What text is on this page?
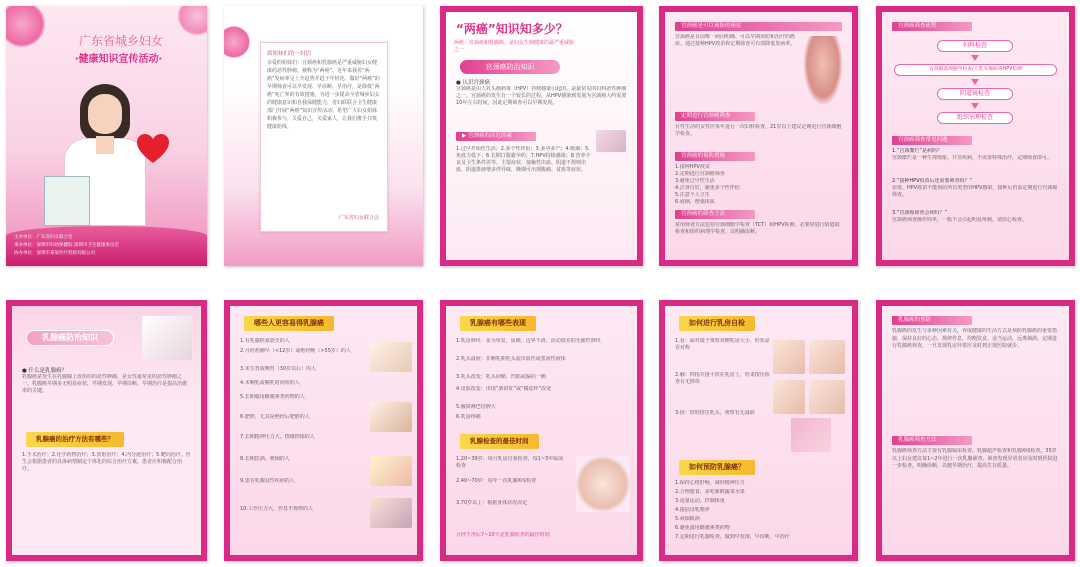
广东省城乡妇女
·健康知识宣传活动·
主办单位：广东省妇女联合会
承办单位：深圳市妇幼保健院 深圳市卫生健康委员会
协办单位：深圳市某某医疗机构有限公司
致姐妹们的一封信
亲爱的姐妹们：宫颈癌和乳腺癌是严重威胁妇女健康的恶性肿瘤，被称为“两癌”。近年来我省“两癌”发病率呈上升趋势并趋于年轻化。做好“两癌”的早期筛查可以早发现、早诊断、早治疗，是降低“两癌”死亡率的有效措施。为进一步提高全省城乡妇女的健康意识和自我保健能力，省妇联联合卫生健康部门开展“两癌”知识宣传活动。希望广大妇女姐妹积极参与，关爱自己，关爱家人，让我们携手共筑健康防线。
广东省妇女联合会
“两癌”知识知多少？
两癌：宫颈癌和乳腺癌，是妇女生殖健康的最严重威胁之一
宫颈癌防治知识
● 认识宫颈癌
宫颈癌是由人乳头瘤病毒（HPV）持续感染引起的，是最常见的妇科恶性肿瘤之一。宫颈癌的发生有一个较长的过程，从HPV感染到发展为宫颈癌大约需要10年左右时间，因此定期筛查可以早期发现。
▶ 宫颈癌的高危因素
1.过早开始性生活；2.多个性伴侣；3.多孕多产；4.吸烟；5.免疫力低下；6.长期口服避孕药；7.HPV持续感染；8.营养不良及卫生条件差等。主要症状：接触性出血、阴道不规则出血、阴道排液增多伴异味，晚期可出现腹痛、贫血等症状。
宫颈癌是可以预防的癌症
宫颈癌是目前唯一病因明确、可以早期预防和治疗的癌症。通过接种HPV疫苗和定期筛查可有效降低发病率。
定期进行宫颈癌筛查
有性生活的女性应每年进行一次妇科检查，21岁以上建议定期进行宫颈细胞学检查。
宫颈癌的预防措施
1.接种HPV疫苗
2.定期进行宫颈癌筛查
3.避免过早性生活
4.洁身自好，避免多个性伴侣
5.注意个人卫生
6.戒烟，增强体质
宫颈癌的筛查方法
常用筛查方法包括宫颈细胞学检查（TCT）和HPV检测，必要时进行阴道镜检查和组织病理学检查，以明确诊断。
宫颈癌筛查流程
妇科检查
宫颈脱落细胞学检查/人乳头瘤病毒HPV检测
阴道镜检查
组织病理检查
宫颈癌筛查常见问题
1.“宫颈糜烂”是病吗？
宫颈糜烂是一种生理现象，并非疾病，不需要特殊治疗，定期筛查即可。
2.“接种HPV疫苗后还需要筛查吗？”
需要。HPV疫苗不能预防所有类型的HPV感染，接种后仍需定期进行宫颈癌筛查。
3.“宫颈癌筛查会疼吗？”
宫颈癌筛查操作简单，一般不会引起明显疼痛，请放心检查。
乳腺癌防治知识
● 什么是乳腺癌？
乳腺癌是发生在乳腺腺上皮组织的恶性肿瘤，是女性最常见的恶性肿瘤之一。乳腺癌早期多无明显症状，早期发现、早期诊断、早期治疗是提高治愈率的关键。
乳腺癌的治疗方法有哪些？
1.手术治疗；2.化学药物治疗；3.放射治疗；4.内分泌治疗；5.靶向治疗。医生会根据患者的具体病情制定个体化的综合治疗方案，患者应积极配合治疗。
哪些人更容易得乳腺癌
1.有乳腺癌家族史的人
2.月经初潮早（<12岁）或绝经晚（>55岁）的人
3.未生育或晚育（30岁以后）的人
4.未哺乳或哺乳时间短的人
5.长期服用雌激素类药物的人
6.肥胖，尤其是绝经后肥胖的人
7.长期精神压力大、情绪抑郁的人
8.长期饮酒、吸烟的人
9.患有乳腺良性疾病的人
10.工作压力大，作息不规律的人
乳腺癌有哪些表现
1.乳房肿块：多为单发、质硬、边界不清、活动度差的无痛性肿块
2.乳头溢液：非哺乳期乳头流出血性或浆液性液体
3.乳头改变：乳头回缩、凹陷或偏向一侧
4.皮肤改变：出现“酒窝征”或“橘皮样”改变
5.腋窝淋巴结肿大
6.乳房疼痛
乳腺检查的最佳时间
1.20~39岁：每月乳房自我检查，每1~3年临床检查
2.40~70岁：每年一次乳腺X线检查
3.70岁以上：根据身体状况决定
月经干净后7~10天是乳腺检查的最佳时间
如何进行乳房自检
1.看：面对镜子观察双侧乳房大小、形状是否对称
2.触：四指并拢平放在乳房上，轻柔按压检查有无肿块
3.挤：轻轻挤压乳头，观察有无溢液
如何预防乳腺癌？
1.保持心情舒畅，减轻精神压力
2.合理膳食，多吃新鲜蔬菜水果
3.适量运动，控制体重
4.提倡母乳喂养
5.戒烟限酒
6.避免滥用雌激素类药物
7.定期进行乳腺检查，做到早发现、早诊断、早治疗
乳腺癌的预防
乳腺癌的发生与多种因素有关，养成健康的生活方式是预防乳腺癌的重要措施。保持良好的心态，规律作息，均衡饮食，适当运动，远离烟酒。定期进行乳腺癌筛查，一旦发现乳房异常应及时到正规医院就诊。
乳腺癌筛查方法
乳腺癌筛查方法主要有乳腺临床检查、乳腺超声检查和乳腺X线检查。35岁以上妇女建议每1~2年进行一次乳腺筛查。筛查发现异常者应及时到医院进一步检查，明确诊断，以便早期治疗，提高生存质量。
